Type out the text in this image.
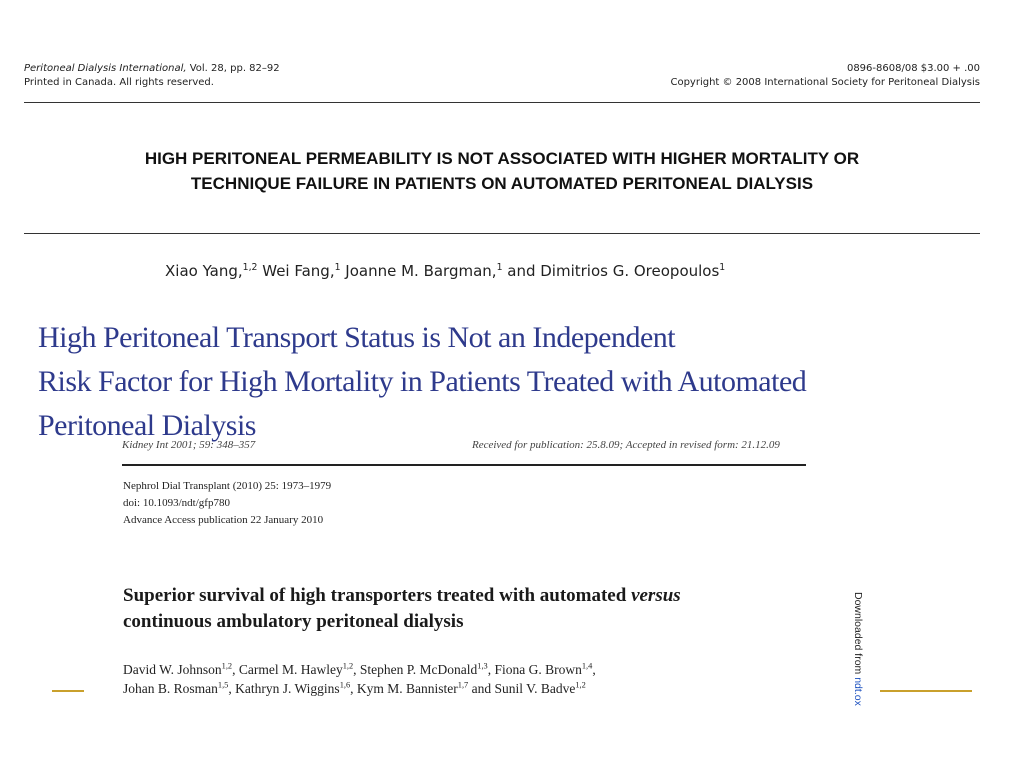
Peritoneal Dialysis International, Vol. 28, pp. 82–92
Printed in Canada. All rights reserved.
0896-8608/08 $3.00 + .00
Copyright © 2008 International Society for Peritoneal Dialysis
HIGH PERITONEAL PERMEABILITY IS NOT ASSOCIATED WITH HIGHER MORTALITY OR
TECHNIQUE FAILURE IN PATIENTS ON AUTOMATED PERITONEAL DIALYSIS
Xiao Yang,$^{1,2}$ Wei Fang,$^1$ Joanne M. Bargman,$^1$ and Dimitrios G. Oreopoulos$^1$
Kidney Int 2001; 59: 348–357	Received for publication: 25.8.09; Accepted in revised form: 21.12.09
Nephrol Dial Transplant (2010) 25: 1973–1979
doi: 10.1093/ndt/gfp780
Advance Access publication 22 January 2010
Superior survival of high transporters treated with automated versus
continuous ambulatory peritoneal dialysis
David W. Johnson$^{1,2}$, Carmel M. Hawley$^{1,2}$, Stephen P. McDonald$^{1,3}$, Fiona G. Brown$^{1,4}$,
Johan B. Rosman$^{1,5}$, Kathryn J. Wiggins$^{1,6}$, Kym M. Bannister$^{1,7}$ and Sunil V. Badve$^{1,2}$
Downloaded from ndt.ox
High Peritoneal Transport Status is Not an Independent
Risk Factor for High Mortality in Patients Treated with Automated
Peritoneal Dialysis
